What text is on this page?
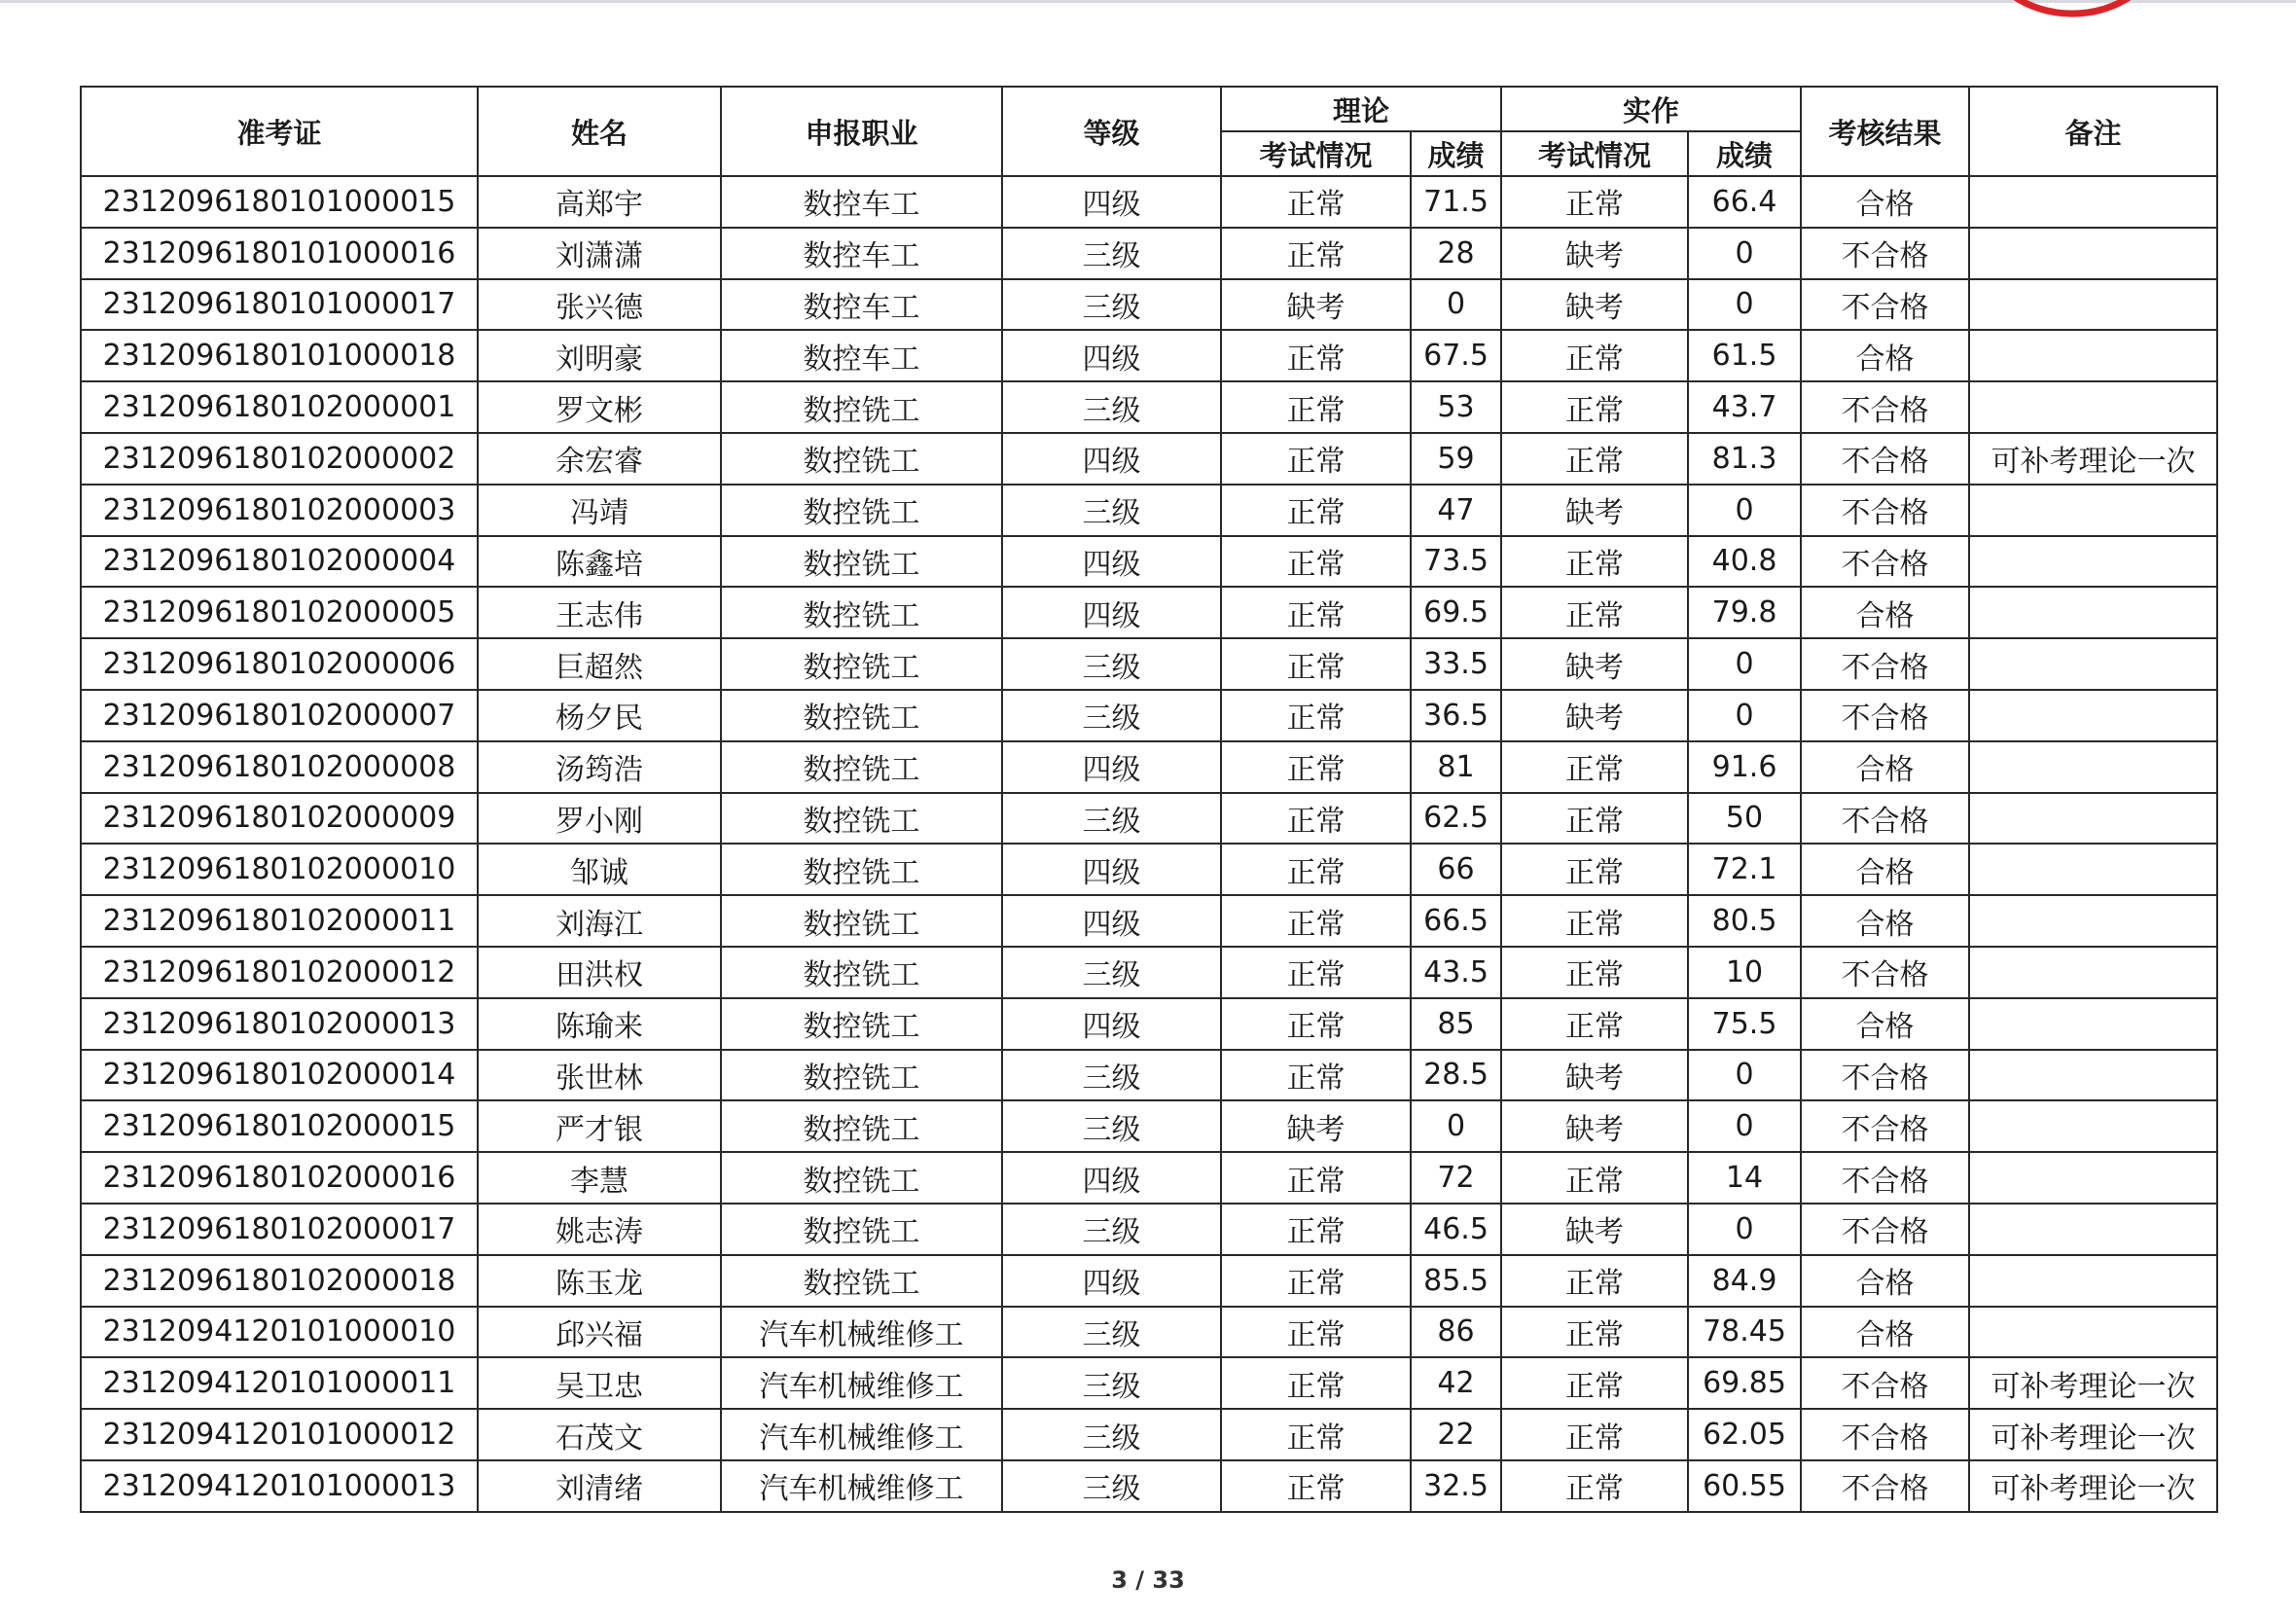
准考证	姓名	申报职业	等级	理论		实作		考核结果	备注
				考试情况	成绩	考试情况	成绩		
2312096180101000015	高郑宇	数控车工	四级	正常	71.5	正常	66.4	合格	
2312096180101000016	刘潇潇	数控车工	三级	正常	28	缺考	0	不合格	
2312096180101000017	张兴德	数控车工	三级	缺考	0	缺考	0	不合格	
2312096180101000018	刘明豪	数控车工	四级	正常	67.5	正常	61.5	合格	
2312096180102000001	罗文彬	数控铣工	三级	正常	53	正常	43.7	不合格	
2312096180102000002	余宏睿	数控铣工	四级	正常	59	正常	81.3	不合格	可补考理论一次
2312096180102000003	冯靖	数控铣工	三级	正常	47	缺考	0	不合格	
2312096180102000004	陈鑫培	数控铣工	四级	正常	73.5	正常	40.8	不合格	
2312096180102000005	王志伟	数控铣工	四级	正常	69.5	正常	79.8	合格	
2312096180102000006	巨超然	数控铣工	三级	正常	33.5	缺考	0	不合格	
2312096180102000007	杨夕民	数控铣工	三级	正常	36.5	缺考	0	不合格	
2312096180102000008	汤筠浩	数控铣工	四级	正常	81	正常	91.6	合格	
2312096180102000009	罗小刚	数控铣工	三级	正常	62.5	正常	50	不合格	
2312096180102000010	邹诚	数控铣工	四级	正常	66	正常	72.1	合格	
2312096180102000011	刘海江	数控铣工	四级	正常	66.5	正常	80.5	合格	
2312096180102000012	田洪权	数控铣工	三级	正常	43.5	正常	10	不合格	
2312096180102000013	陈瑜来	数控铣工	四级	正常	85	正常	75.5	合格	
2312096180102000014	张世林	数控铣工	三级	正常	28.5	缺考	0	不合格	
2312096180102000015	严才银	数控铣工	三级	缺考	0	缺考	0	不合格	
2312096180102000016	李慧	数控铣工	四级	正常	72	正常	14	不合格	
2312096180102000017	姚志涛	数控铣工	三级	正常	46.5	缺考	0	不合格	
2312096180102000018	陈玉龙	数控铣工	四级	正常	85.5	正常	84.9	合格	
2312094120101000010	邱兴福	汽车机械维修工	三级	正常	86	正常	78.45	合格	
2312094120101000011	吴卫忠	汽车机械维修工	三级	正常	42	正常	69.85	不合格	可补考理论一次
2312094120101000012	石茂文	汽车机械维修工	三级	正常	22	正常	62.05	不合格	可补考理论一次
2312094120101000013	刘清绪	汽车机械维修工	三级	正常	32.5	正常	60.55	不合格	可补考理论一次
3 / 33
